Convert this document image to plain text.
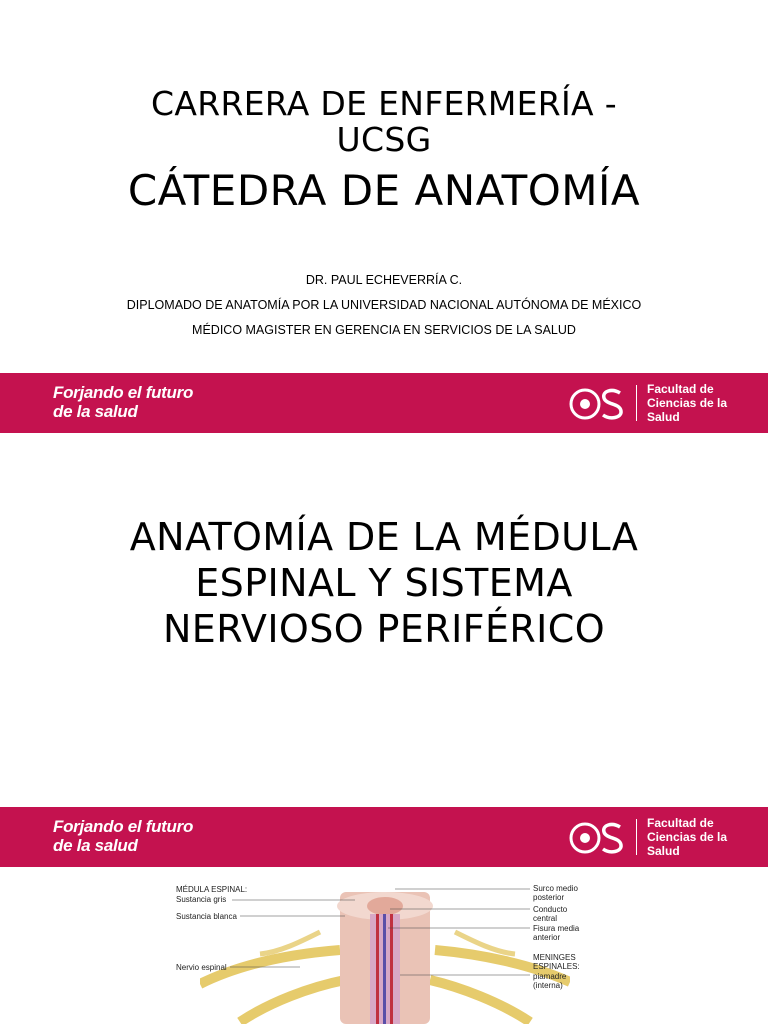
CARRERA DE ENFERMERÍA -
UCSG
CÁTEDRA DE ANATOMÍA
DR. PAUL ECHEVERRÍA C.
DIPLOMADO DE ANATOMÍA POR LA UNIVERSIDAD NACIONAL AUTÓNOMA DE MÉXICO
MÉDICO MAGISTER EN GERENCIA EN SERVICIOS DE LA SALUD
Forjando el futuro
de la salud
Facultad de
Ciencias de la
Salud
ANATOMÍA DE LA MÉDULA
ESPINAL Y SISTEMA
NERVIOSO PERIFÉRICO
Forjando el futuro
de la salud
Facultad de
Ciencias de la
Salud
MÉDULA ESPINAL:
Sustancia gris
Sustancia blanca
Nervio espinal
Surco medio
posterior
Conducto
central
Fisura media
anterior
MENINGES
ESPINALES:
piamadre
(interna)
